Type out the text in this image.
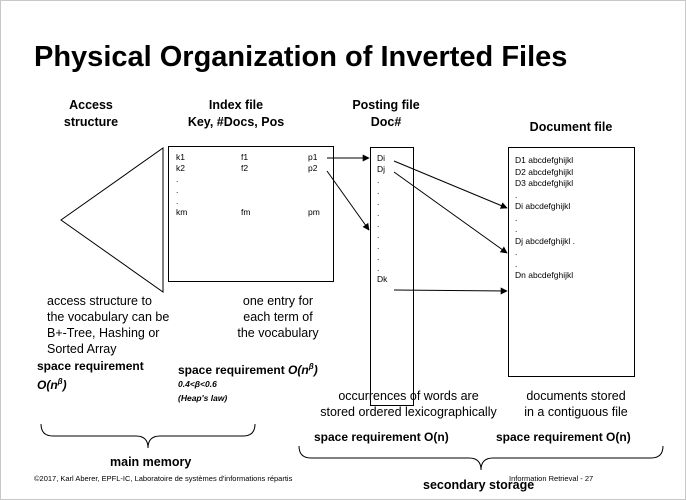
Physical Organization of Inverted Files
Access
structure
Index file
Key, #Docs, Pos
Posting file
Doc#	Document file
k1	f1	p1
k2	f2	p2
.
.
.
km	fm	pm
Di
Dj
.
.
.
.
.
.
.
.
.
Dk
D1 abcdefghijkl
D2 abcdefghijkl
D3 abcdefghijkl
.
Di abcdefghijkl
.
.
Dj abcdefghijkl .
.
.
Dn abcdefghijkl
access structure to
the vocabulary can be
B+-Tree, Hashing or
Sorted Array
one entry for
each term of
the vocabulary
space requirement
$O(n^\beta)$
space requirement $O(n^\beta)$
0.4<β<0.6
(Heap's law)	occurrences of words are
stored ordered lexicographically
documents stored
in a contiguous file
space requirement O(n)	space requirement O(n)
main memory
©2017, Karl Aberer, EPFL-IC, Laboratoire de systèmes d'informations répartis	Information Retrieval - 27
secondary storage
